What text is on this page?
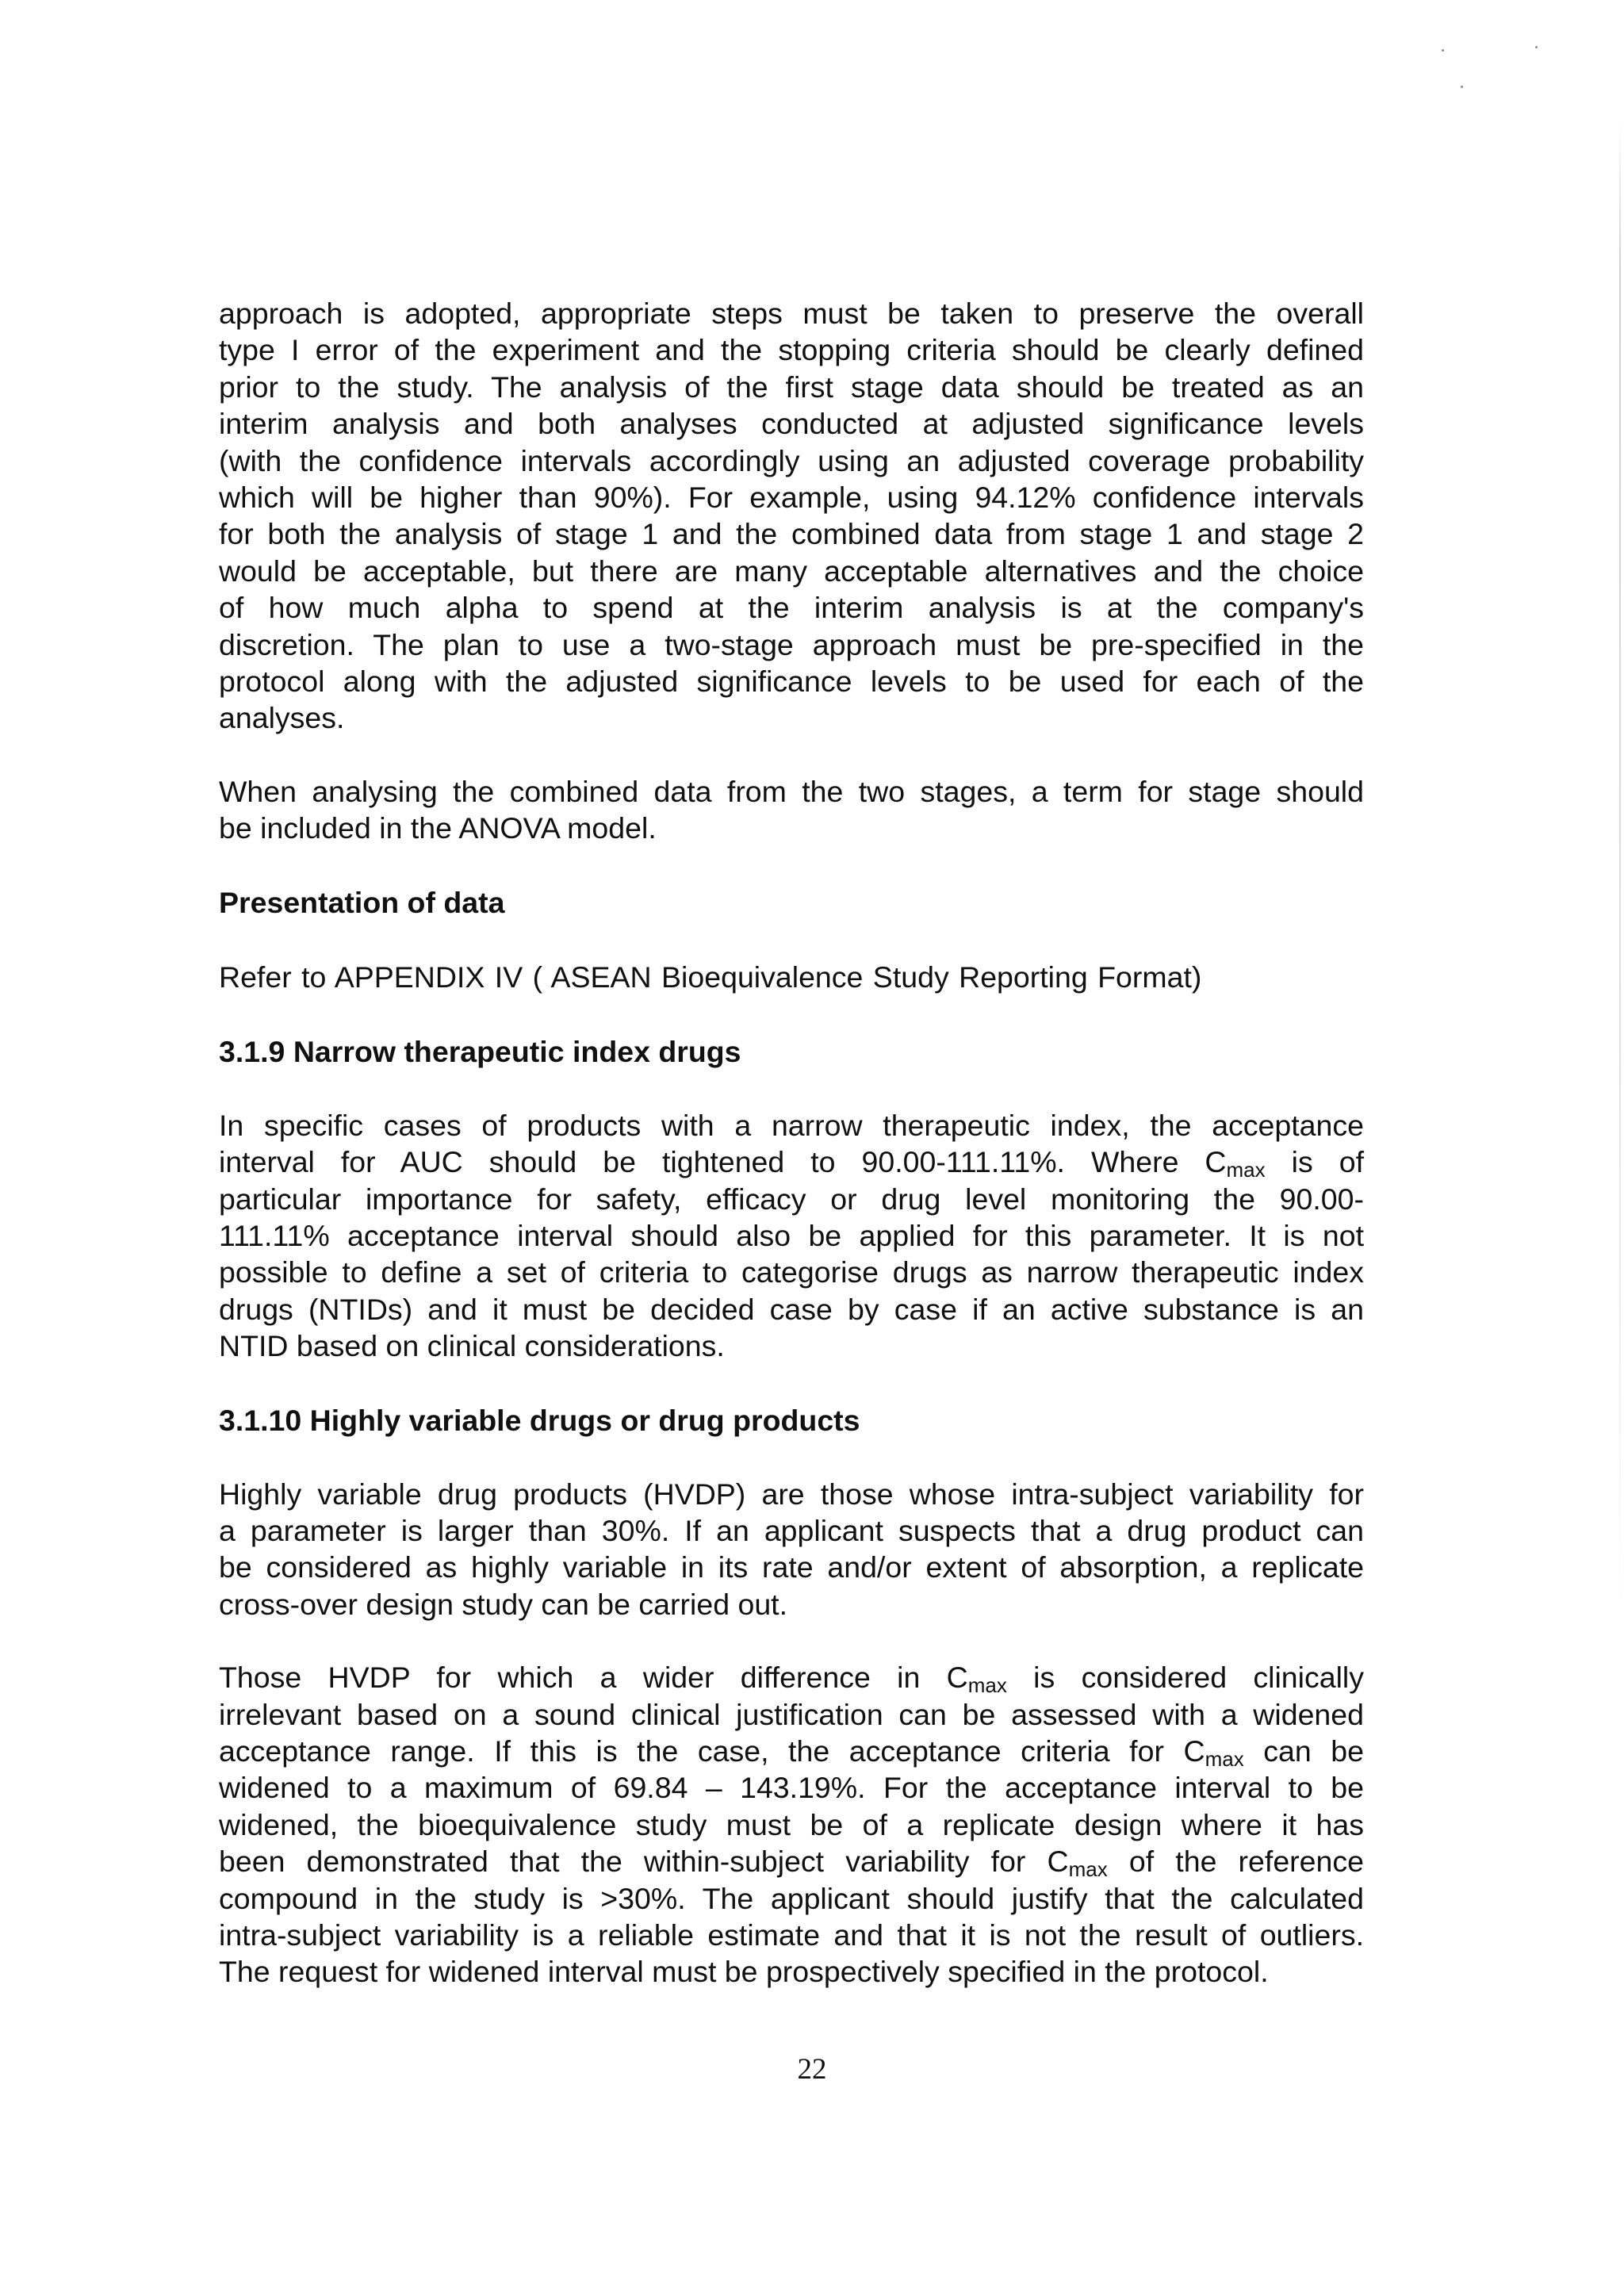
approach is adopted, appropriate steps must be taken to preserve the overall
type I error of the experiment and the stopping criteria should be clearly defined
prior to the study. The analysis of the first stage data should be treated as an
interim analysis and both analyses conducted at adjusted significance levels
(with the confidence intervals accordingly using an adjusted coverage probability
which will be higher than 90%). For example, using 94.12% confidence intervals
for both the analysis of stage 1 and the combined data from stage 1 and stage 2
would be acceptable, but there are many acceptable alternatives and the choice
of how much alpha to spend at the interim analysis is at the company's
discretion. The plan to use a two-stage approach must be pre-specified in the
protocol along with the adjusted significance levels to be used for each of the
analyses.

When analysing the combined data from the two stages, a term for stage should
be included in the ANOVA model.

Presentation of data

Refer to APPENDIX IV ( ASEAN Bioequivalence Study Reporting Format)

3.1.9 Narrow therapeutic index drugs

In specific cases of products with a narrow therapeutic index, the acceptance
interval for AUC should be tightened to 90.00-111.11%. Where $C_{max}$ is of
particular importance for safety, efficacy or drug level monitoring the 90.00-
111.11% acceptance interval should also be applied for this parameter. It is not
possible to define a set of criteria to categorise drugs as narrow therapeutic index
drugs (NTIDs) and it must be decided case by case if an active substance is an
NTID based on clinical considerations.

3.1.10 Highly variable drugs or drug products

Highly variable drug products (HVDP) are those whose intra-subject variability for
a parameter is larger than 30%. If an applicant suspects that a drug product can
be considered as highly variable in its rate and/or extent of absorption, a replicate
cross-over design study can be carried out.

Those HVDP for which a wider difference in $C_{max}$ is considered clinically
irrelevant based on a sound clinical justification can be assessed with a widened
acceptance range. If this is the case, the acceptance criteria for $C_{max}$ can be
widened to a maximum of 69.84 – 143.19%. For the acceptance interval to be
widened, the bioequivalence study must be of a replicate design where it has
been demonstrated that the within-subject variability for $C_{max}$ of the reference
compound in the study is >30%. The applicant should justify that the calculated
intra-subject variability is a reliable estimate and that it is not the result of outliers.
The request for widened interval must be prospectively specified in the protocol.

22
